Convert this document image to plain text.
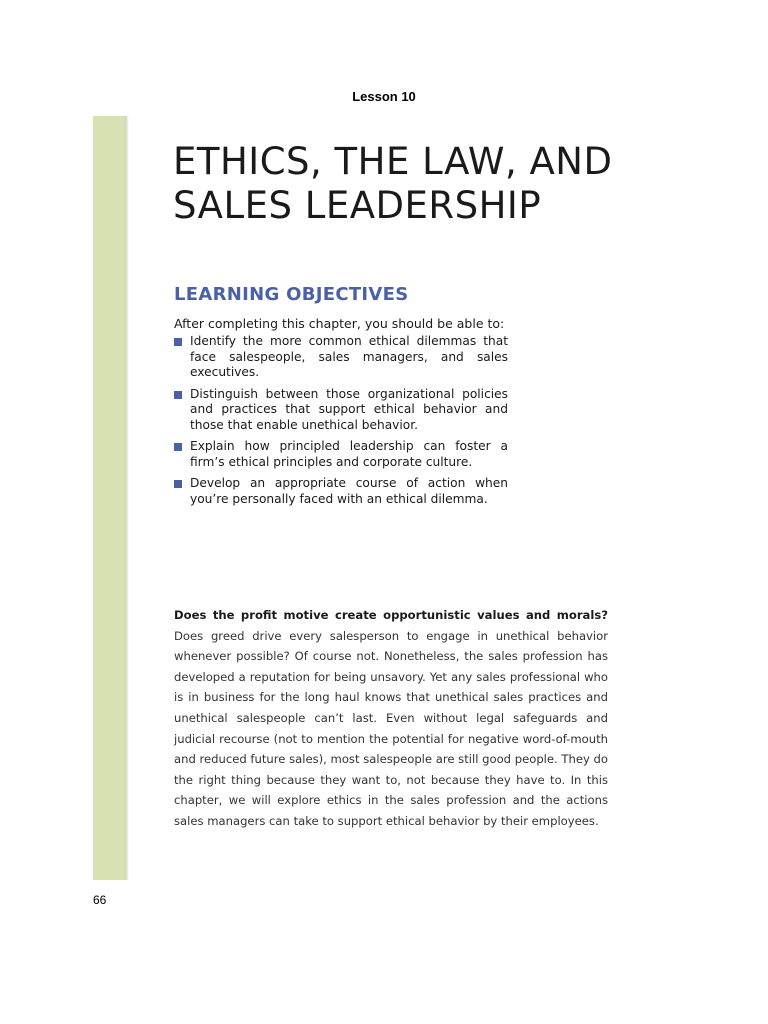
Lesson 10
ETHICS, THE LAW, AND
SALES LEADERSHIP
LEARNING OBJECTIVES
After completing this chapter, you should be able to:
Identify the more common ethical dilemmas that face salespeople, sales managers, and sales executives.
Distinguish between those organizational policies and practices that support ethical behavior and those that enable unethical behavior.
Explain how principled leadership can foster a firm’s ethical principles and corporate culture.
Develop an appropriate course of action when you’re personally faced with an ethical dilemma.

Does the profit motive create opportunistic values and morals? Does greed drive every salesperson to engage in unethical behavior whenever possible? Of course not. Nonetheless, the sales profession has developed a reputation for being unsavory. Yet any sales professional who is in business for the long haul knows that unethical sales practices and unethical salespeople can’t last. Even without legal safeguards and judicial recourse (not to mention the potential for negative word-of-mouth and reduced future sales), most salespeople are still good people. They do the right thing because they want to, not because they have to. In this chapter, we will explore ethics in the sales profession and the actions sales managers can take to support ethical behavior by their employees.

66
